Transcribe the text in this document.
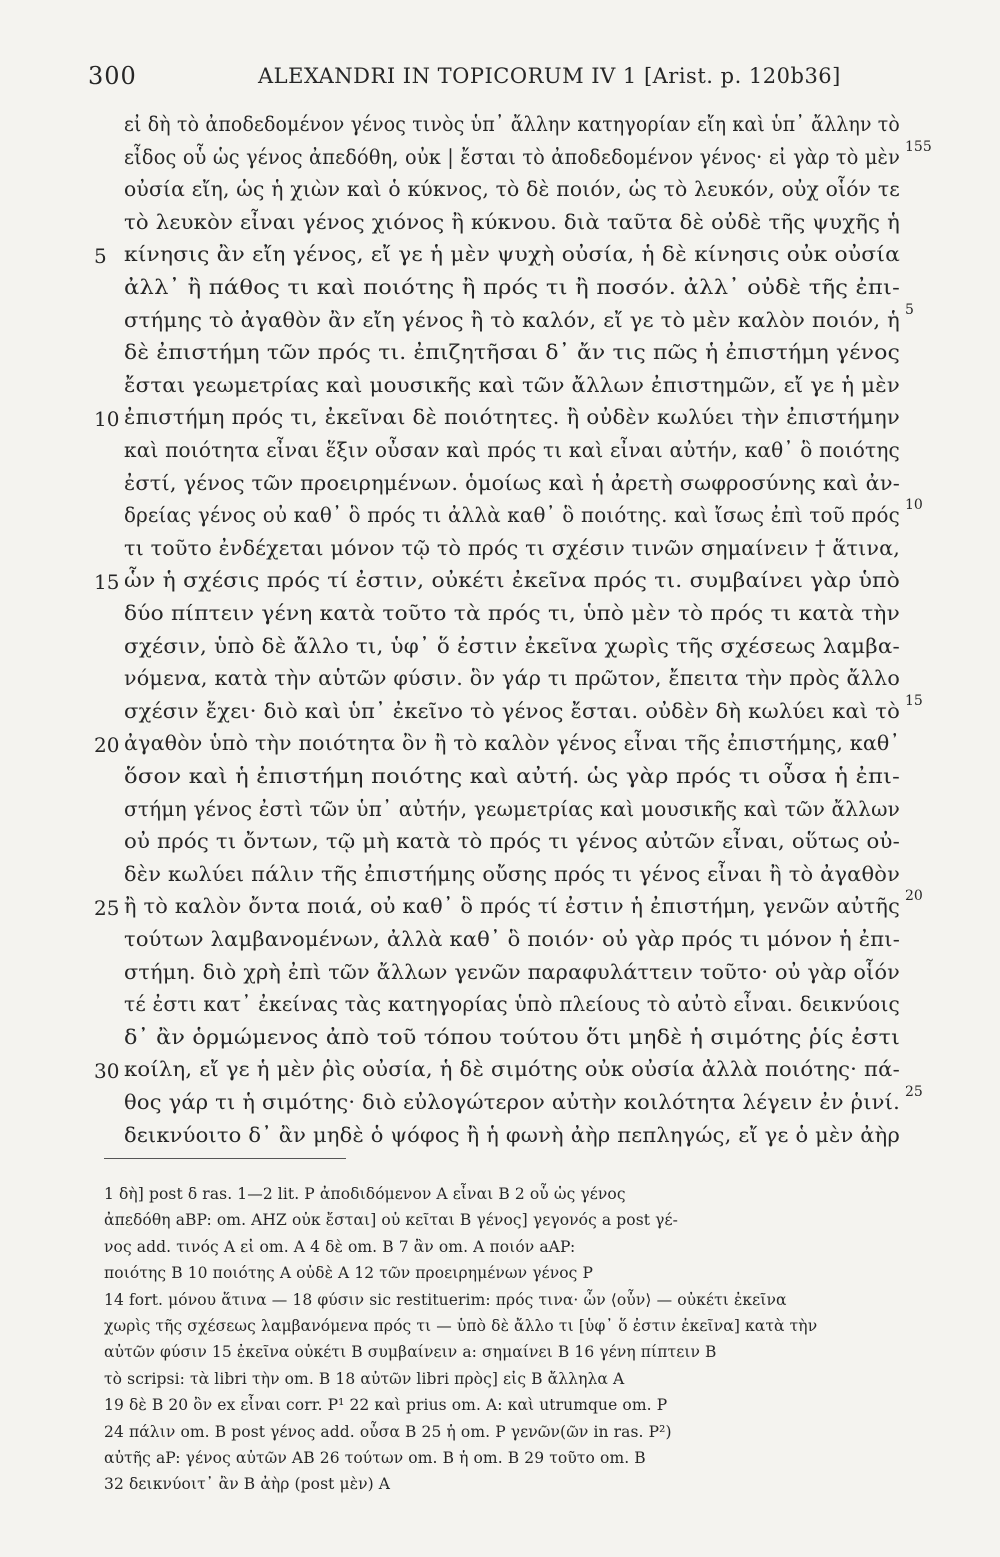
300	ALEXANDRI IN TOPICORUM IV 1 [Arist. p. 120b36]
εἰ δὴ τὸ ἀποδεδομένον γένος τινὸς ὑπ᾽ ἄλλην κατηγορίαν εἴη καὶ ὑπ᾽ ἄλλην τὸ
εἶδος οὗ ὡς γένος ἀπεδόθη, οὐκ | ἔσται τὸ ἀποδεδομένον γένος· εἰ γὰρ τὸ μὲν 155
οὐσία εἴη, ὡς ἡ χιὼν καὶ ὁ κύκνος, τὸ δὲ ποιόν, ὡς τὸ λευκόν, οὐχ οἷόν τε
τὸ λευκὸν εἶναι γένος χιόνος ἢ κύκνου. διὰ ταῦτα δὲ οὐδὲ τῆς ψυχῆς ἡ
5 κίνησις ἂν εἴη γένος, εἴ γε ἡ μὲν ψυχὴ οὐσία, ἡ δὲ κίνησις οὐκ οὐσία
ἀλλ᾽ ἢ πάθος τι καὶ ποιότης ἢ πρός τι ἢ ποσόν. ἀλλ᾽ οὐδὲ τῆς ἐπι-
στήμης τὸ ἀγαθὸν ἂν εἴη γένος ἢ τὸ καλόν, εἴ γε τὸ μὲν καλὸν ποιόν, ἡ 5
δὲ ἐπιστήμη τῶν πρός τι. ἐπιζητῆσαι δ᾽ ἄν τις πῶς ἡ ἐπιστήμη γένος
ἔσται γεωμετρίας καὶ μουσικῆς καὶ τῶν ἄλλων ἐπιστημῶν, εἴ γε ἡ μὲν
10 ἐπιστήμη πρός τι, ἐκεῖναι δὲ ποιότητες. ἢ οὐδὲν κωλύει τὴν ἐπιστήμην
καὶ ποιότητα εἶναι ἕξιν οὖσαν καὶ πρός τι καὶ εἶναι αὐτήν, καθ᾽ ὃ ποιότης
ἐστί, γένος τῶν προειρημένων. ὁμοίως καὶ ἡ ἀρετὴ σωφροσύνης καὶ ἀν-
δρείας γένος οὐ καθ᾽ ὃ πρός τι ἀλλὰ καθ᾽ ὃ ποιότης. καὶ ἴσως ἐπὶ τοῦ πρός 10
τι τοῦτο ἐνδέχεται μόνον τῷ τὸ πρός τι σχέσιν τινῶν σημαίνειν † ἅτινα,
15 ὧν ἡ σχέσις πρός τί ἐστιν, οὐκέτι ἐκεῖνα πρός τι. συμβαίνει γὰρ ὑπὸ
δύο πίπτειν γένη κατὰ τοῦτο τὰ πρός τι, ὑπὸ μὲν τὸ πρός τι κατὰ τὴν
σχέσιν, ὑπὸ δὲ ἄλλο τι, ὑφ᾽ ὅ ἐστιν ἐκεῖνα χωρὶς τῆς σχέσεως λαμβα-
νόμενα, κατὰ τὴν αὑτῶν φύσιν. ὃν γάρ τι πρῶτον, ἔπειτα τὴν πρὸς ἄλλο
σχέσιν ἔχει· διὸ καὶ ὑπ᾽ ἐκεῖνο τὸ γένος ἔσται. οὐδὲν δὴ κωλύει καὶ τὸ 15
20 ἀγαθὸν ὑπὸ τὴν ποιότητα ὂν ἢ τὸ καλὸν γένος εἶναι τῆς ἐπιστήμης, καθ᾽
ὅσον καὶ ἡ ἐπιστήμη ποιότης καὶ αὐτή. ὡς γὰρ πρός τι οὖσα ἡ ἐπι-
στήμη γένος ἐστὶ τῶν ὑπ᾽ αὐτήν, γεωμετρίας καὶ μουσικῆς καὶ τῶν ἄλλων
οὐ πρός τι ὄντων, τῷ μὴ κατὰ τὸ πρός τι γένος αὐτῶν εἶναι, οὕτως οὐ-
δὲν κωλύει πάλιν τῆς ἐπιστήμης οὔσης πρός τι γένος εἶναι ἢ τὸ ἀγαθὸν
25 ἢ τὸ καλὸν ὄντα ποιά, οὐ καθ᾽ ὃ πρός τί ἐστιν ἡ ἐπιστήμη, γενῶν αὐτῆς 20
τούτων λαμβανομένων, ἀλλὰ καθ᾽ ὃ ποιόν· οὐ γὰρ πρός τι μόνον ἡ ἐπι-
στήμη. διὸ χρὴ ἐπὶ τῶν ἄλλων γενῶν παραφυλάττειν τοῦτο· οὐ γὰρ οἷόν
τέ ἐστι κατ᾽ ἐκείνας τὰς κατηγορίας ὑπὸ πλείους τὸ αὐτὸ εἶναι. δεικνύοις
δ᾽ ἂν ὁρμώμενος ἀπὸ τοῦ τόπου τούτου ὅτι μηδὲ ἡ σιμότης ῥίς ἐστι
30 κοίλη, εἴ γε ἡ μὲν ῥὶς οὐσία, ἡ δὲ σιμότης οὐκ οὐσία ἀλλὰ ποιότης· πά-
θος γάρ τι ἡ σιμότης· διὸ εὐλογώτερον αὐτὴν κοιλότητα λέγειν ἐν ῥινί. 25
δεικνύοιτο δ᾽ ἂν μηδὲ ὁ ψόφος ἢ ἡ φωνὴ ἀὴρ πεπληγώς, εἴ γε ὁ μὲν ἀὴρ
1 δὴ] post δ ras. 1—2 lit. P ἀποδιδόμενον A εἶναι B 2 οὗ ὡς γένος
ἀπεδόθη aBP: om. AHZ οὐκ ἔσται] οὐ κεῖται B γένος] γεγονός a post γέ-
νος add. τινός A εἰ om. A 4 δὲ om. B 7 ἂν om. A ποιόν aAP:
ποιότης B 10 ποιότης A οὐδὲ A 12 τῶν προειρημένων γένος P
14 fort. μόνου ἅτινα — 18 φύσιν sic restituerim: πρός τινα· ὧν ⟨οὖν⟩ — οὐκέτι ἐκεῖνα
χωρὶς τῆς σχέσεως λαμβανόμενα πρός τι — ὑπὸ δὲ ἄλλο τι [ὑφ᾽ ὅ ἐστιν ἐκεῖνα] κατὰ τὴν
αὐτῶν φύσιν 15 ἐκεῖνα οὐκέτι B συμβαίνειν a: σημαίνει B 16 γένη πίπτειν B
τὸ scripsi: τὰ libri τὴν om. B 18 αὐτῶν libri πρὸς] εἰς B ἄλληλα A
19 δὲ B 20 ὂν ex εἶναι corr. P¹ 22 καὶ prius om. A: καὶ utrumque om. P
24 πάλιν om. B post γένος add. οὖσα B 25 ἡ om. P γενῶν(ῶν in ras. P²)
αὐτῆς aP: γένος αὐτῶν AB 26 τούτων om. B ἡ om. B 29 τοῦτο om. B
32 δεικνύοιτ᾽ ἂν B ἀὴρ (post μὲν) A
